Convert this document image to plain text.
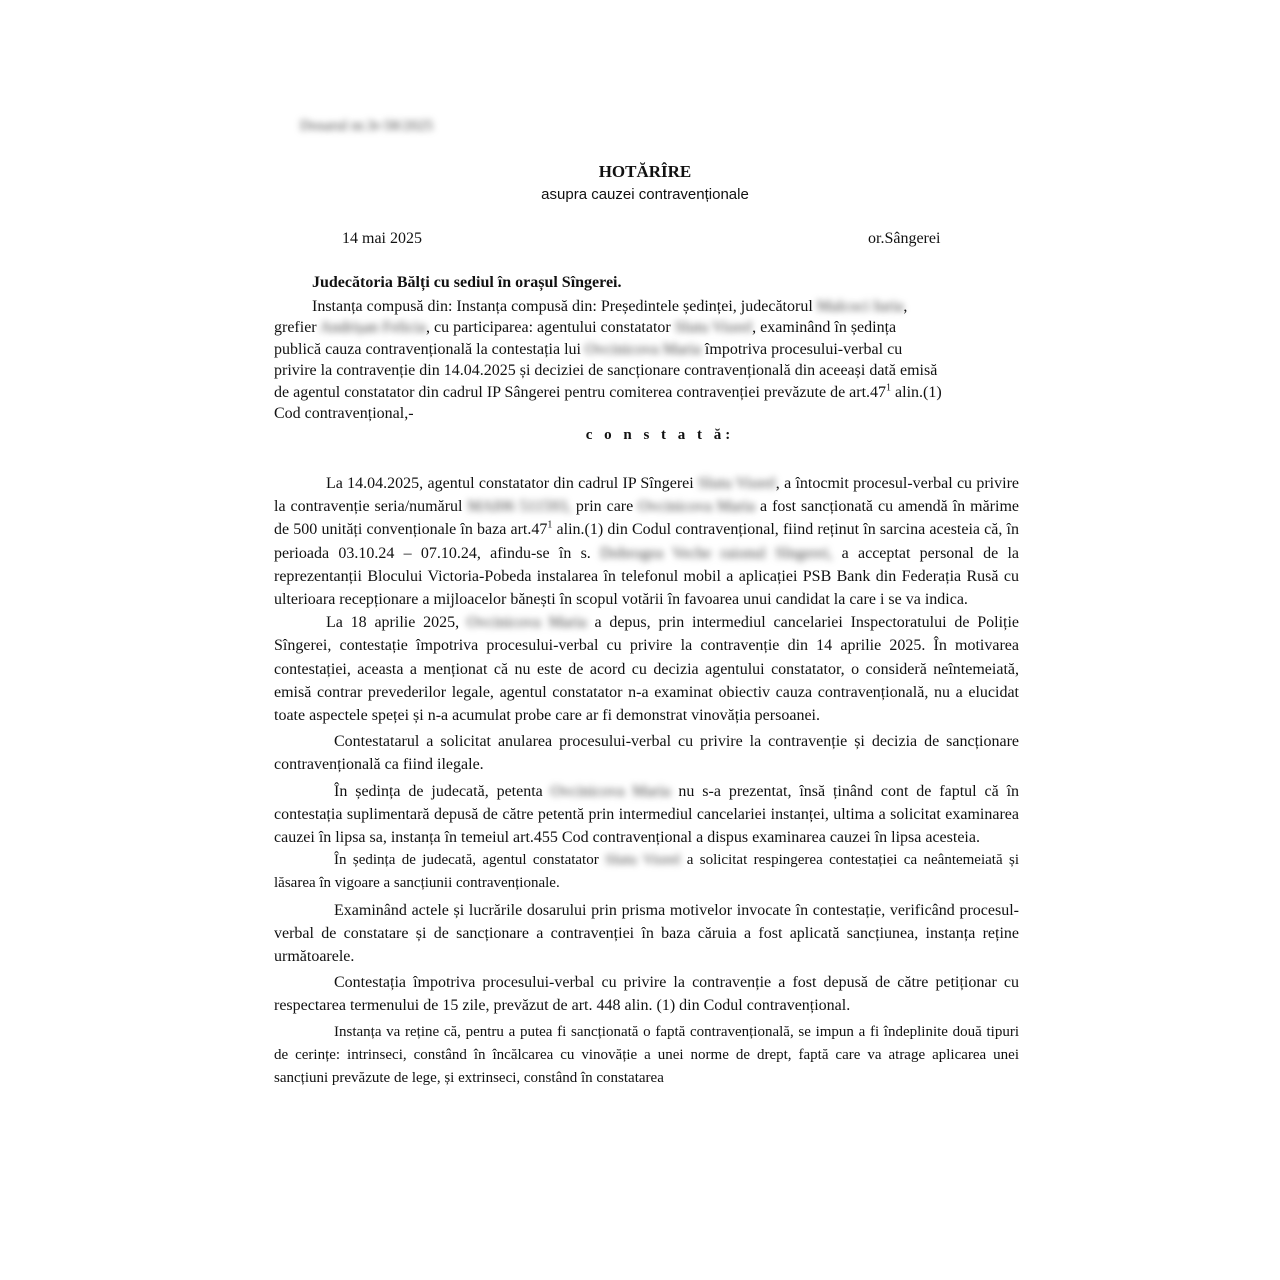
Dosarul nr.3r-58/2025
HOTĂRÎRE
asupra cauzei contravenționale
14 mai 2025	or.Sângerei
Judecătoria Bălți cu sediul în orașul Sîngerei.

Instanța compusă din: Instanța compusă din: Președintele ședinței, judecătorul Malcoci Iuria,

grefier Andrișan Felicia, cu participarea: agentului constatator Slutu Viorel, examinând în ședința

publică cauza contravențională la contestația lui Ovcinicova Maria împotriva procesului-verbal cu

privire la contravenție din 14.04.2025 și deciziei de sancționare contravențională din aceeași dată emisă

de agentul constatator din cadrul IP Sângerei pentru comiterea contravenției prevăzute de $art.47^1$ alin.(1)

Cod contravențional,-

c o n s t a t ă:

La 14.04.2025, agentul constatator din cadrul IP Sîngerei Slutu Viorel, a întocmit procesul-verbal cu privire la contravenție seria/numărul MAI06 511593, prin care Ovcinicova Maria a fost sancționată cu amendă în mărime de 500 unități convenționale în baza $art.47^1$ alin.(1) din Codul contravențional, fiind reținut în sarcina acesteia că, în perioada 03.10.24 – 07.10.24, afindu-se în s. Dobrogea Veche raionul Sîngerei, a acceptat personal de la reprezentanții Blocului Victoria-Pobeda instalarea în telefonul mobil a aplicației PSB Bank din Federația Rusă cu ulterioara recepționare a mijloacelor bănești în scopul votării în favoarea unui candidat la care i se va indica.

La 18 aprilie 2025, Ovcinicova Maria a depus, prin intermediul cancelariei Inspectoratului de Poliție Sîngerei, contestație împotriva procesului-verbal cu privire la contravenție din 14 aprilie 2025. În motivarea contestației, aceasta a menționat că nu este de acord cu decizia agentului constatator, o consideră neîntemeiată, emisă contrar prevederilor legale, agentul constatator n-a examinat obiectiv cauza contravențională, nu a elucidat toate aspectele speței și n-a acumulat probe care ar fi demonstrat vinovăția persoanei.

Contestatarul a solicitat anularea procesului-verbal cu privire la contravenție și decizia de sancționare contravențională ca fiind ilegale.

În ședința de judecată, petenta Ovcinicova Maria nu s-a prezentat, însă ținând cont de faptul că în contestația suplimentară depusă de către petentă prin intermediul cancelariei instanței, ultima a solicitat examinarea cauzei în lipsa sa, instanța în temeiul art.455 Cod contravențional a dispus examinarea cauzei în lipsa acesteia.

În ședința de judecată, agentul constatator Slutu Viorel a solicitat respingerea contestației ca neântemeiată și lăsarea în vigoare a sancțiunii contravenționale.

Examinând actele și lucrările dosarului prin prisma motivelor invocate în contestație, verificând procesul-verbal de constatare și de sancționare a contravenției în baza căruia a fost aplicată sancțiunea, instanța reține următoarele.

Contestația împotriva procesului-verbal cu privire la contravenție a fost depusă de către petiționar cu respectarea termenului de 15 zile, prevăzut de art. 448 alin. (1) din Codul contravențional.

Instanța va reține că, pentru a putea fi sancționată o faptă contravențională, se impun a fi îndeplinite două tipuri de cerințe: intrinseci, constând în încălcarea cu vinovăție a unei norme de drept, faptă care va atrage aplicarea unei sancțiuni prevăzute de lege, și extrinseci, constând în constatarea
